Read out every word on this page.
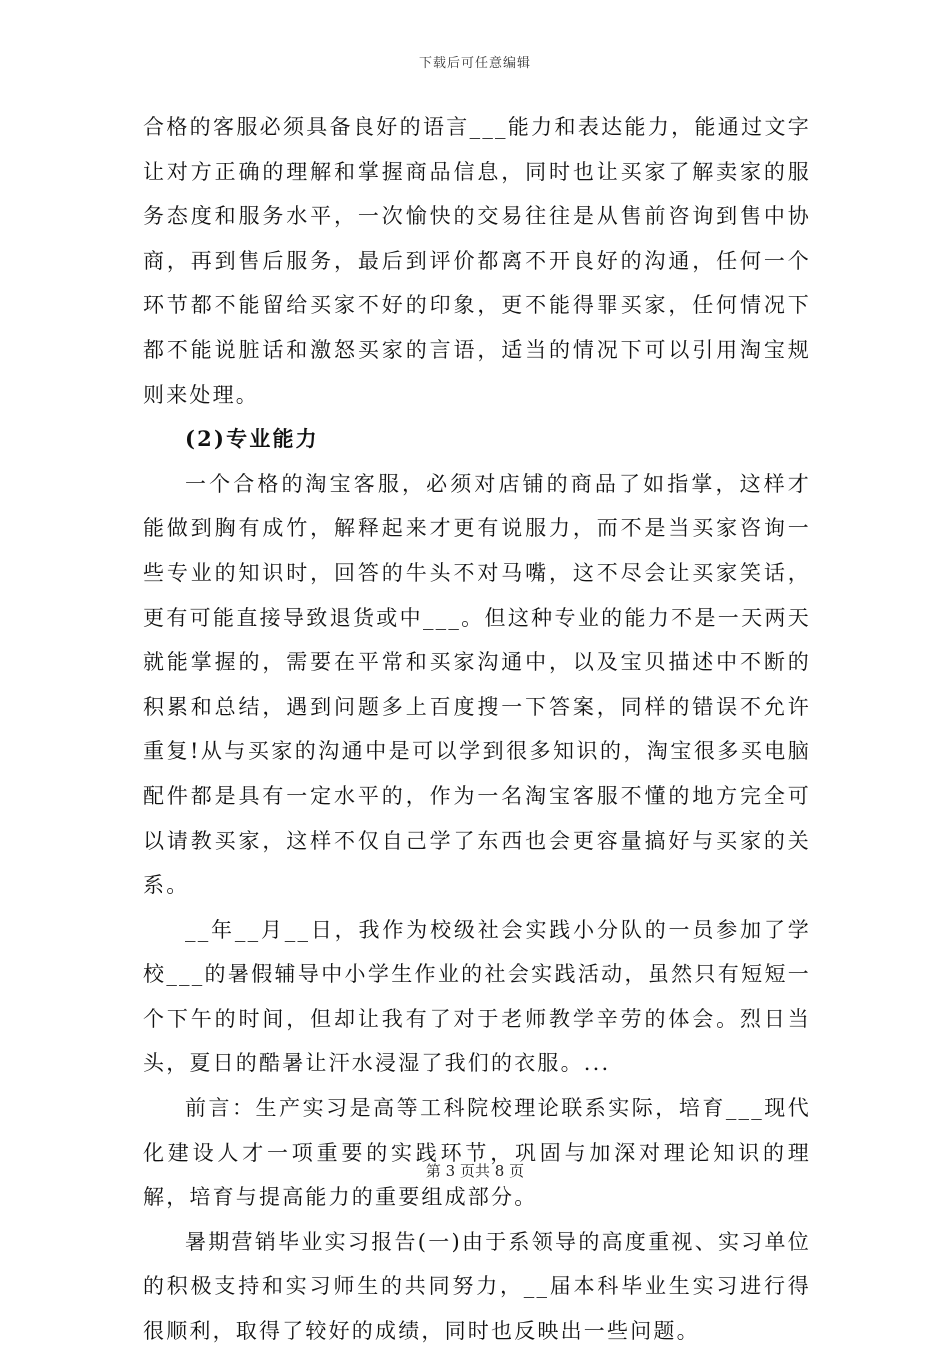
下载后可任意编辑

合格的客服必须具备良好的语言___能力和表达能力，能通过文字让对方正确的理解和掌握商品信息，同时也让买家了解卖家的服务态度和服务水平，一次愉快的交易往往是从售前咨询到售中协商，再到售后服务，最后到评价都离不开良好的沟通，任何一个环节都不能留给买家不好的印象，更不能得罪买家，任何情况下都不能说脏话和激怒买家的言语，适当的情况下可以引用淘宝规则来处理。

(2)专业能力

一个合格的淘宝客服，必须对店铺的商品了如指掌，这样才能做到胸有成竹，解释起来才更有说服力，而不是当买家咨询一些专业的知识时，回答的牛头不对马嘴，这不尽会让买家笑话，更有可能直接导致退货或中___。但这种专业的能力不是一天两天就能掌握的，需要在平常和买家沟通中，以及宝贝描述中不断的积累和总结，遇到问题多上百度搜一下答案，同样的错误不允许重复!从与买家的沟通中是可以学到很多知识的，淘宝很多买电脑配件都是具有一定水平的，作为一名淘宝客服不懂的地方完全可以请教买家，这样不仅自己学了东西也会更容量搞好与买家的关系。

__年__月__日，我作为校级社会实践小分队的一员参加了学校___的暑假辅导中小学生作业的社会实践活动，虽然只有短短一个下午的时间，但却让我有了对于老师教学辛劳的体会。烈日当头，夏日的酷暑让汗水浸湿了我们的衣服。...

前言：生产实习是高等工科院校理论联系实际，培育___现代化建设人才一项重要的实践环节，巩固与加深对理论知识的理解，培育与提高能力的重要组成部分。

暑期营销毕业实习报告(一)由于系领导的高度重视、实习单位的积极支持和实习师生的共同努力，__届本科毕业生实习进行得很顺利，取得了较好的成绩，同时也反映出一些问题。

第 3 页共 8 页
